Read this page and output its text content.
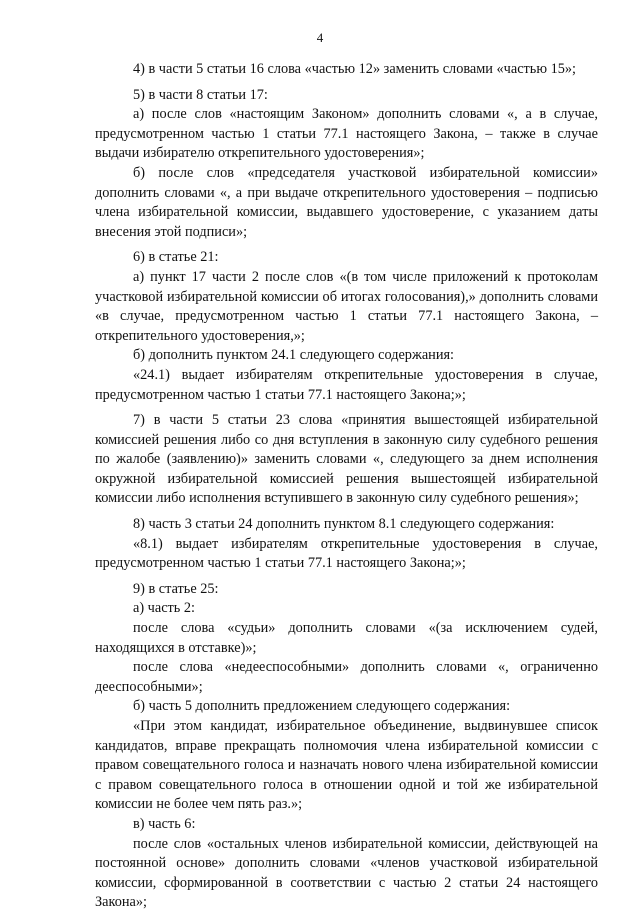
4

4) в части 5 статьи 16 слова «частью 12» заменить словами «частью 15»;

5) в части 8 статьи 17:

а) после слов «настоящим Законом» дополнить словами «, а в случае, предусмотренном частью 1 статьи 77.1 настоящего Закона, – также в случае выдачи избирателю открепительного удостоверения»;

б) после слов «председателя участковой избирательной комиссии» дополнить словами «, а при выдаче открепительного удостоверения – подписью члена избирательной комиссии, выдавшего удостоверение, с указанием даты внесения этой подписи»;

6) в статье 21:

а) пункт 17 части 2 после слов «(в том числе приложений к протоколам участковой избирательной комиссии об итогах голосования),» дополнить словами «в случае, предусмотренном частью 1 статьи 77.1 настоящего Закона, – открепительного удостоверения,»;

б) дополнить пунктом 24.1 следующего содержания:

«24.1) выдает избирателям открепительные удостоверения в случае, предусмотренном частью 1 статьи 77.1 настоящего Закона;»;

7) в части 5 статьи 23 слова «принятия вышестоящей избирательной комиссией решения либо со дня вступления в законную силу судебного решения по жалобе (заявлению)» заменить словами «, следующего за днем исполнения окружной избирательной комиссией решения вышестоящей избирательной комиссии либо исполнения вступившего в законную силу судебного решения»;

8) часть 3 статьи 24 дополнить пунктом 8.1 следующего содержания:

«8.1) выдает избирателям открепительные удостоверения в случае, предусмотренном частью 1 статьи 77.1 настоящего Закона;»;

9) в статье 25:

а) часть 2:

после слова «судьи» дополнить словами «(за исключением судей, находящихся в отставке)»;

после слова «недееспособными» дополнить словами «, ограниченно дееспособными»;

б) часть 5 дополнить предложением следующего содержания:

«При этом кандидат, избирательное объединение, выдвинувшее список кандидатов, вправе прекращать полномочия члена избирательной комиссии с правом совещательного голоса и назначать нового члена избирательной комиссии с правом совещательного голоса в отношении одной и той же избирательной комиссии не более чем пять раз.»;

в) часть 6:

после слов «остальных членов избирательной комиссии, действующей на постоянной основе» дополнить словами «членов участковой избирательной комиссии, сформированной в соответствии с частью 2 статьи 24 настоящего Закона»;
